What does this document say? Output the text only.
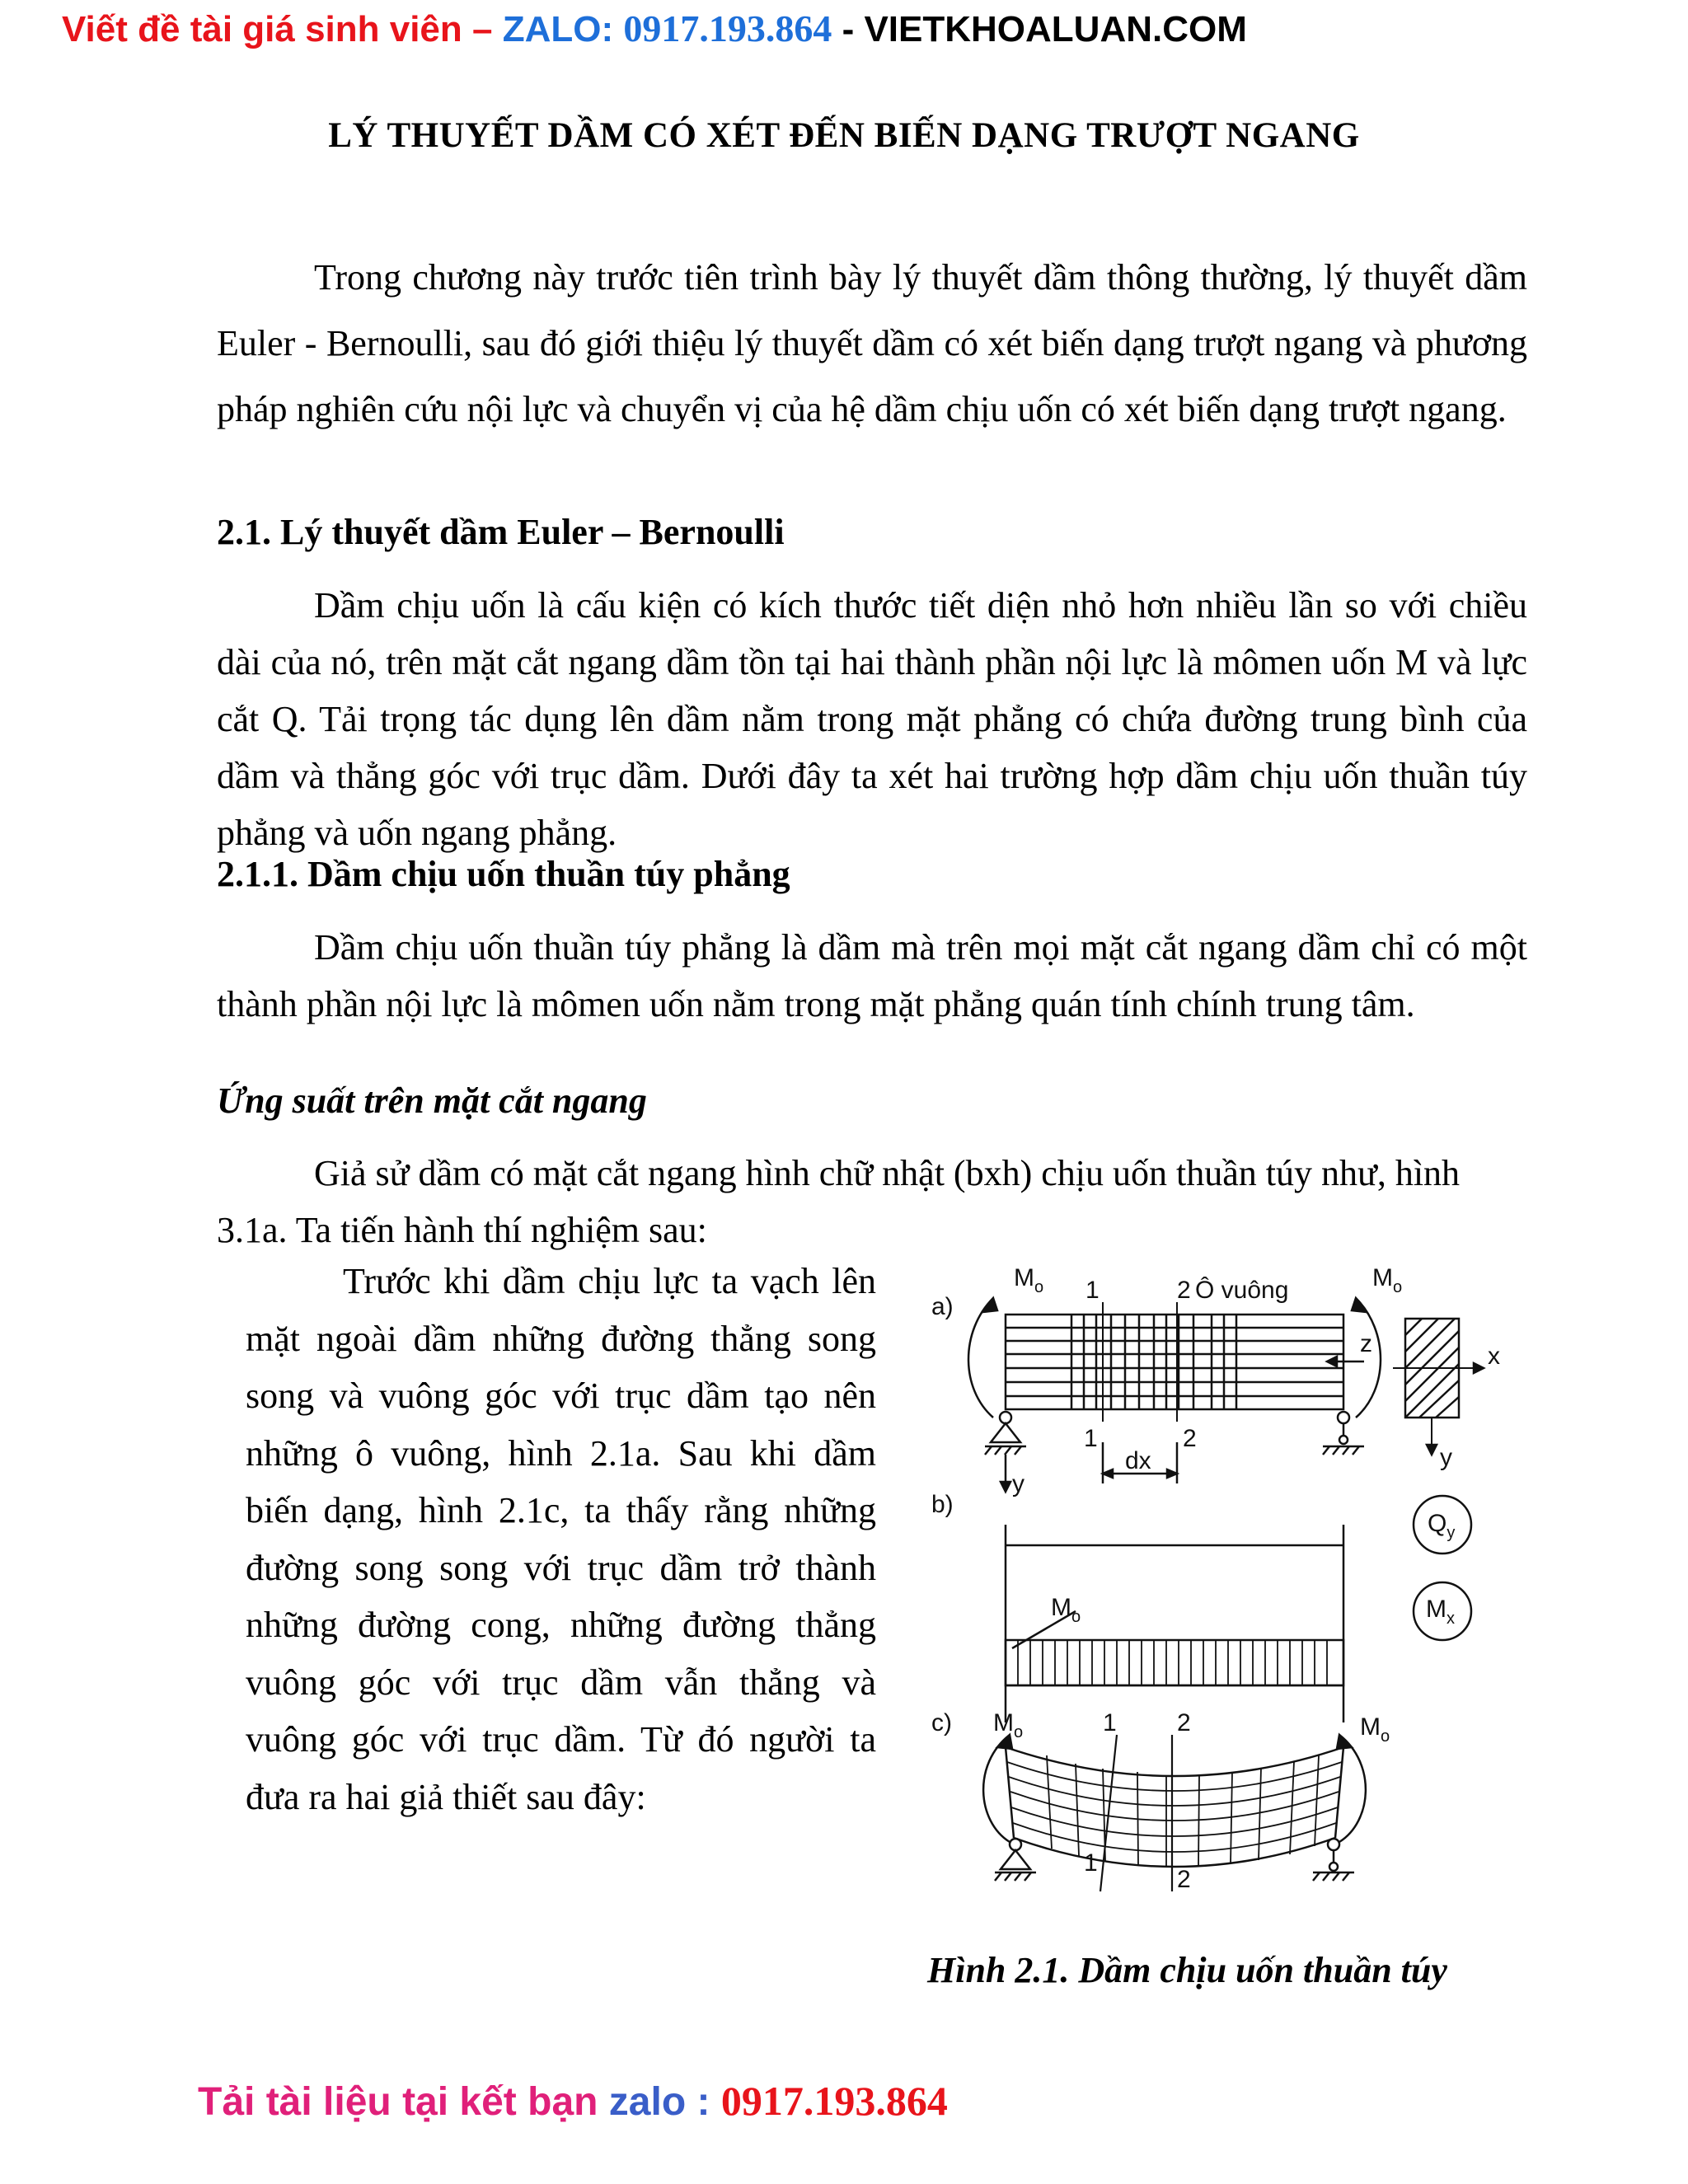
Viết đề tài giá sinh viên – ZALO: 0917.193.864 - VIETKHOALUAN.COM
LÝ THUYẾT DẦM CÓ XÉT ĐẾN BIẾN DẠNG TRƯỢT NGANG

Trong chương này trước tiên trình bày lý thuyết dầm thông thường, lý thuyết dầm Euler - Bernoulli, sau đó giới thiệu lý thuyết dầm có xét biến dạng trượt ngang và phương pháp nghiên cứu nội lực và chuyển vị của hệ dầm chịu uốn có xét biến dạng trượt ngang.

2.1. Lý thuyết dầm Euler – Bernoulli

Dầm chịu uốn là cấu kiện có kích thước tiết diện nhỏ hơn nhiều lần so với chiều dài của nó, trên mặt cắt ngang dầm tồn tại hai thành phần nội lực là mômen uốn M và lực cắt Q. Tải trọng tác dụng lên dầm nằm trong mặt phẳng có chứa đường trung bình của dầm và thẳng góc với trục dầm. Dưới đây ta xét hai trường hợp dầm chịu uốn thuần túy phẳng và uốn ngang phẳng.

2.1.1. Dầm chịu uốn thuần túy phẳng

Dầm chịu uốn thuần túy phẳng là dầm mà trên mọi mặt cắt ngang dầm chỉ có một thành phần nội lực là mômen uốn nằm trong mặt phẳng quán tính chính trung tâm.

Ứng suất trên mặt cắt ngang

Giả sử dầm có mặt cắt ngang hình chữ nhật (bxh) chịu uốn thuần túy như, hình 3.1a. Ta tiến hành thí nghiệm sau:

Trước khi dầm chịu lực ta vạch lên mặt ngoài dầm những đường thẳng song song và vuông góc với trục dầm tạo nên những ô vuông, hình 2.1a. Sau khi dầm biến dạng, hình 2.1c, ta thấy rằng những đường song song với trục dầm trở thành những đường cong, những đường thẳng vuông góc với trục dầm vẫn thẳng và vuông góc với trục dầm. Từ đó người ta đưa ra hai giả thiết sau đây:

a)
$M_o$	$M_o$
1	2 Ô vuông
z	x
y
1	2
dx
y
b)
$M_o$
$Q_y$
$M_x$
c) $M_o$	$M_o$
1 2
1
2
Hình 2.1. Dầm chịu uốn thuần túy
Tải tài liệu tại kết bạn zalo : 0917.193.864
